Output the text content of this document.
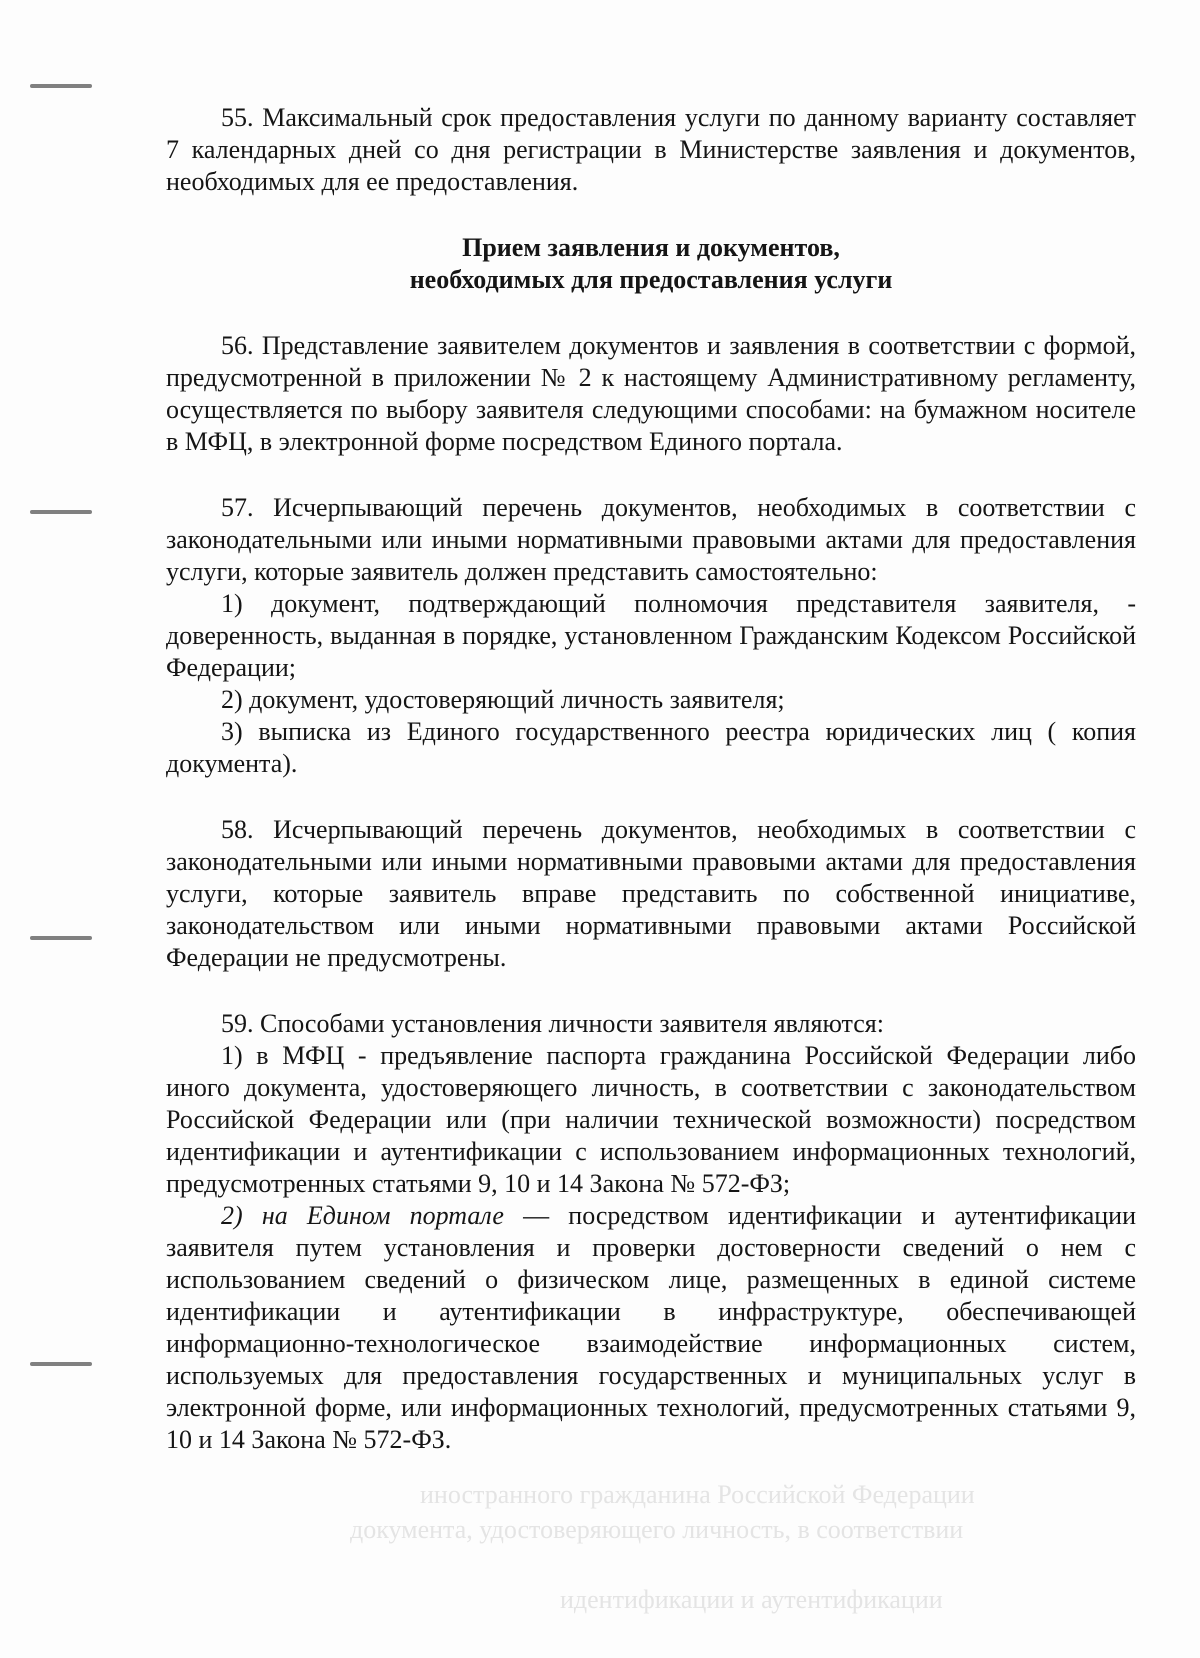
иностранного гражданина Российской Федерации
документа, удостоверяющего личность, в соответствии
идентификации и аутентификации

55. Максимальный срок предоставления услуги по данному варианту составляет 7 календарных дней со дня регистрации в Министерстве заявления и документов, необходимых для ее предоставления.

Прием заявления и документов,

необходимых для предоставления услуги

56. Представление заявителем документов и заявления в соответствии с формой, предусмотренной в приложении № 2 к настоящему Административному регламенту, осуществляется по выбору заявителя следующими способами: на бумажном носителе в МФЦ, в электронной форме посредством Единого портала.

57. Исчерпывающий перечень документов, необходимых в соответствии с законодательными или иными нормативными правовыми актами для предоставления услуги, которые заявитель должен представить самостоятельно:

1) документ, подтверждающий полномочия представителя заявителя, - доверенность, выданная в порядке, установленном Гражданским Кодексом Российской Федерации;

2) документ, удостоверяющий личность заявителя;

3) выписка из Единого государственного реестра юридических лиц ( копия документа).

58. Исчерпывающий перечень документов, необходимых в соответствии с законодательными или иными нормативными правовыми актами для предоставления услуги, которые заявитель вправе представить по собственной инициативе, законодательством или иными нормативными правовыми актами Российской Федерации не предусмотрены.

59. Способами установления личности заявителя являются:

1) в МФЦ - предъявление паспорта гражданина Российской Федерации либо иного документа, удостоверяющего личность, в соответствии с законодательством Российской Федерации или (при наличии технической возможности) посредством идентификации и аутентификации с использованием информационных технологий, предусмотренных статьями 9, 10 и 14 Закона № 572-ФЗ;

2) на Едином портале — посредством идентификации и аутентификации заявителя путем установления и проверки достоверности сведений о нем с использованием сведений о физическом лице, размещенных в единой системе идентификации и аутентификации в инфраструктуре, обеспечивающей информационно-технологическое взаимодействие информационных систем, используемых для предоставления государственных и муниципальных услуг в электронной форме, или информационных технологий, предусмотренных статьями 9, 10 и 14 Закона № 572-ФЗ.
